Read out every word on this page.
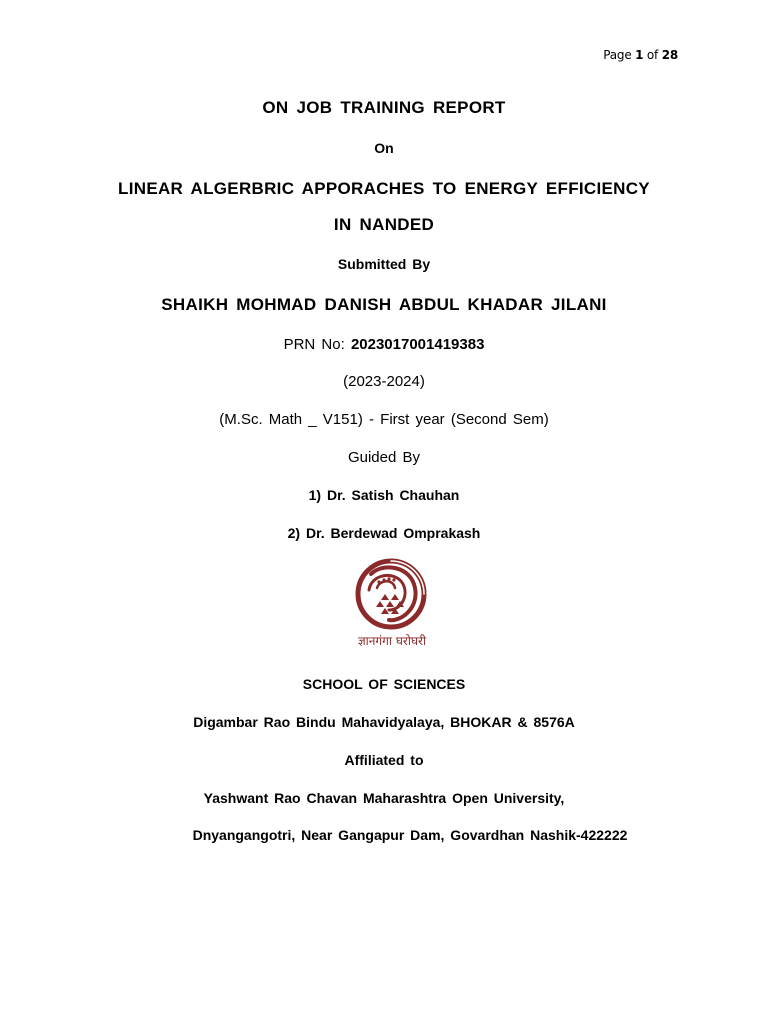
Page 1 of 28
ON JOB TRAINING REPORT
On
LINEAR ALGERBRIC APPORACHES TO ENERGY EFFICIENCY
IN NANDED
Submitted By
SHAIKH MOHMAD DANISH ABDUL KHADAR JILANI
PRN No: 2023017001419383
(2023-2024)
(M.Sc. Math _ V151) - First year (Second Sem)
Guided By
1) Dr. Satish Chauhan
2) Dr. Berdewad Omprakash
ज्ञानगंगा घरोघरी
SCHOOL OF SCIENCES
Digambar Rao Bindu Mahavidyalaya, BHOKAR & 8576A
Affiliated to
Yashwant Rao Chavan Maharashtra Open University,
Dnyangangotri, Near Gangapur Dam, Govardhan Nashik-422222
